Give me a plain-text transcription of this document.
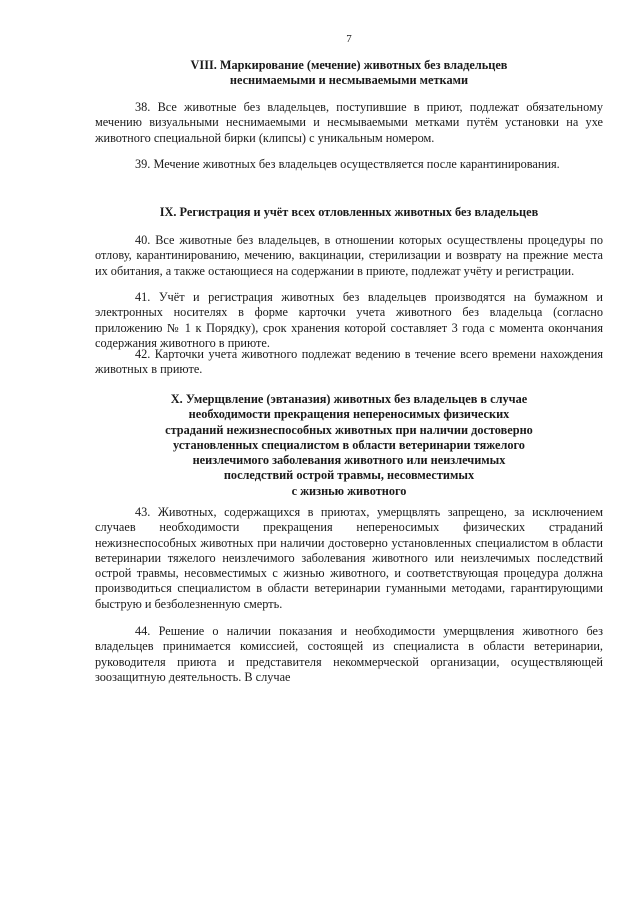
7
VIII. Маркирование (мечение) животных без владельцев
неснимаемыми и несмываемыми метками

38. Все животные без владельцев, поступившие в приют, подлежат обязательному мечению визуальными неснимаемыми и несмываемыми метками путём установки на ухе животного специальной бирки (клипсы) с уникальным номером.

39. Мечение животных без владельцев осуществляется после карантинирования.

IX. Регистрация и учёт всех отловленных животных без владельцев

40. Все животные без владельцев, в отношении которых осуществлены процедуры по отлову, карантинированию, мечению, вакцинации, стерилизации и возврату на прежние места их обитания, а также остающиеся на содержании в приюте, подлежат учёту и регистрации.

41. Учёт и регистрация животных без владельцев производятся на бумажном и электронных носителях в форме карточки учета животного без владельца (согласно приложению № 1 к Порядку), срок хранения которой составляет 3 года с момента окончания содержания животного в приюте.

42. Карточки учета животного подлежат ведению в течение всего времени нахождения животных в приюте.

X. Умерщвление (эвтаназия) животных без владельцев в случае
необходимости прекращения непереносимых физических
страданий нежизнеспособных животных при наличии достоверно
установленных специалистом в области ветеринарии тяжелого
неизлечимого заболевания животного или неизлечимых
последствий острой травмы, несовместимых
с жизнью животного

43. Животных, содержащихся в приютах, умерщвлять запрещено, за исключением случаев необходимости прекращения непереносимых физических страданий нежизнеспособных животных при наличии достоверно установленных специалистом в области ветеринарии тяжелого неизлечимого заболевания животного или неизлечимых последствий острой травмы, несовместимых с жизнью животного, и соответствующая процедура должна производиться специалистом в области ветеринарии гуманными методами, гарантирующими быструю и безболезненную смерть.

44. Решение о наличии показания и необходимости умерщвления животного без владельцев принимается комиссией, состоящей из специалиста в области ветеринарии, руководителя приюта и представителя некоммерческой организации, осуществляющей зоозащитную деятельность. В случае
